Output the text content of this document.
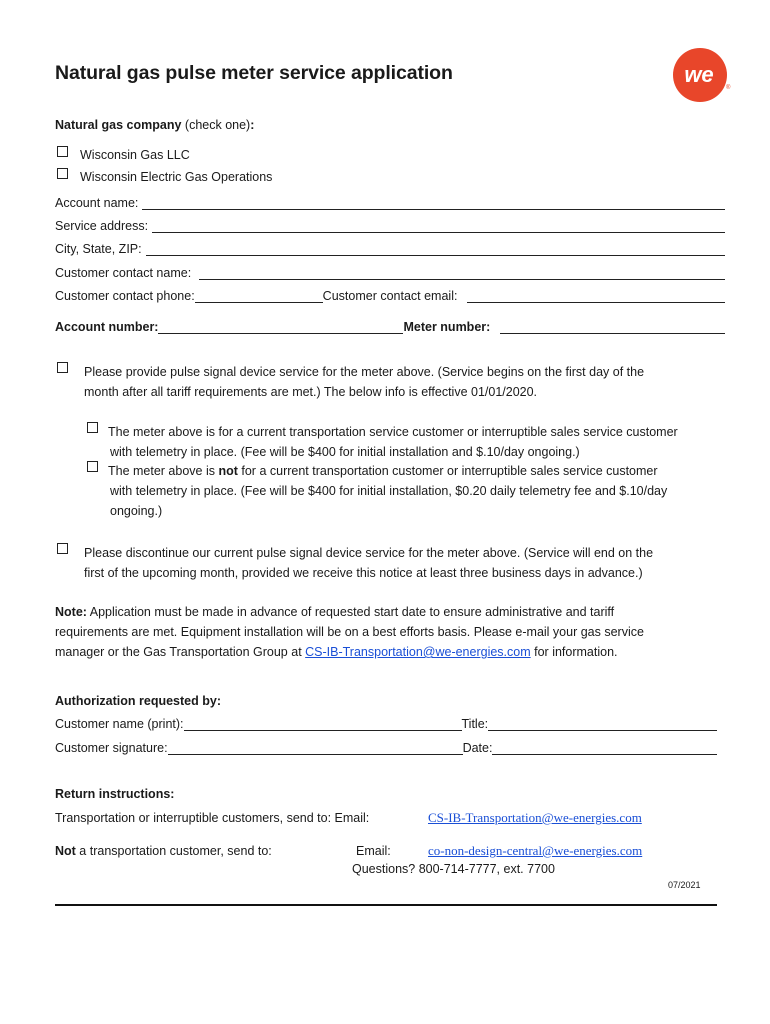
Natural gas pulse meter service application	we
®
Natural gas company (check one):
Wisconsin Gas LLC
Wisconsin Electric Gas Operations
Account name:
Service address:
City, State, ZIP:
Customer contact name:
Customer contact phone:	Customer contact email:
Account number:	Meter number:
Please provide pulse signal device service for the meter above. (Service begins on the first day of the
month after all tariff requirements are met.) The below info is effective 01/01/2020.
The meter above is for a current transportation service customer or interruptible sales service customer
with telemetry in place. (Fee will be $400 for initial installation and $.10/day ongoing.)
The meter above is not for a current transportation customer or interruptible sales service customer
with telemetry in place. (Fee will be $400 for initial installation, $0.20 daily telemetry fee and $.10/day
ongoing.)
Please discontinue our current pulse signal device service for the meter above. (Service will end on the
first of the upcoming month, provided we receive this notice at least three business days in advance.)
Note: Application must be made in advance of requested start date to ensure administrative and tariff
requirements are met. Equipment installation will be on a best efforts basis. Please e-mail your gas service
manager or the Gas Transportation Group at CS-IB-Transportation@we-energies.com for information.
Authorization requested by:
Customer name (print):	Title:
Customer signature:	Date:
Return instructions:
Transportation or interruptible customers, send to: Email:	CS-IB-Transportation@we-energies.com
Not a transportation customer, send to:	Email:	co-non-design-central@we-energies.com
Questions? 800-714-7777, ext. 7700
07/2021
